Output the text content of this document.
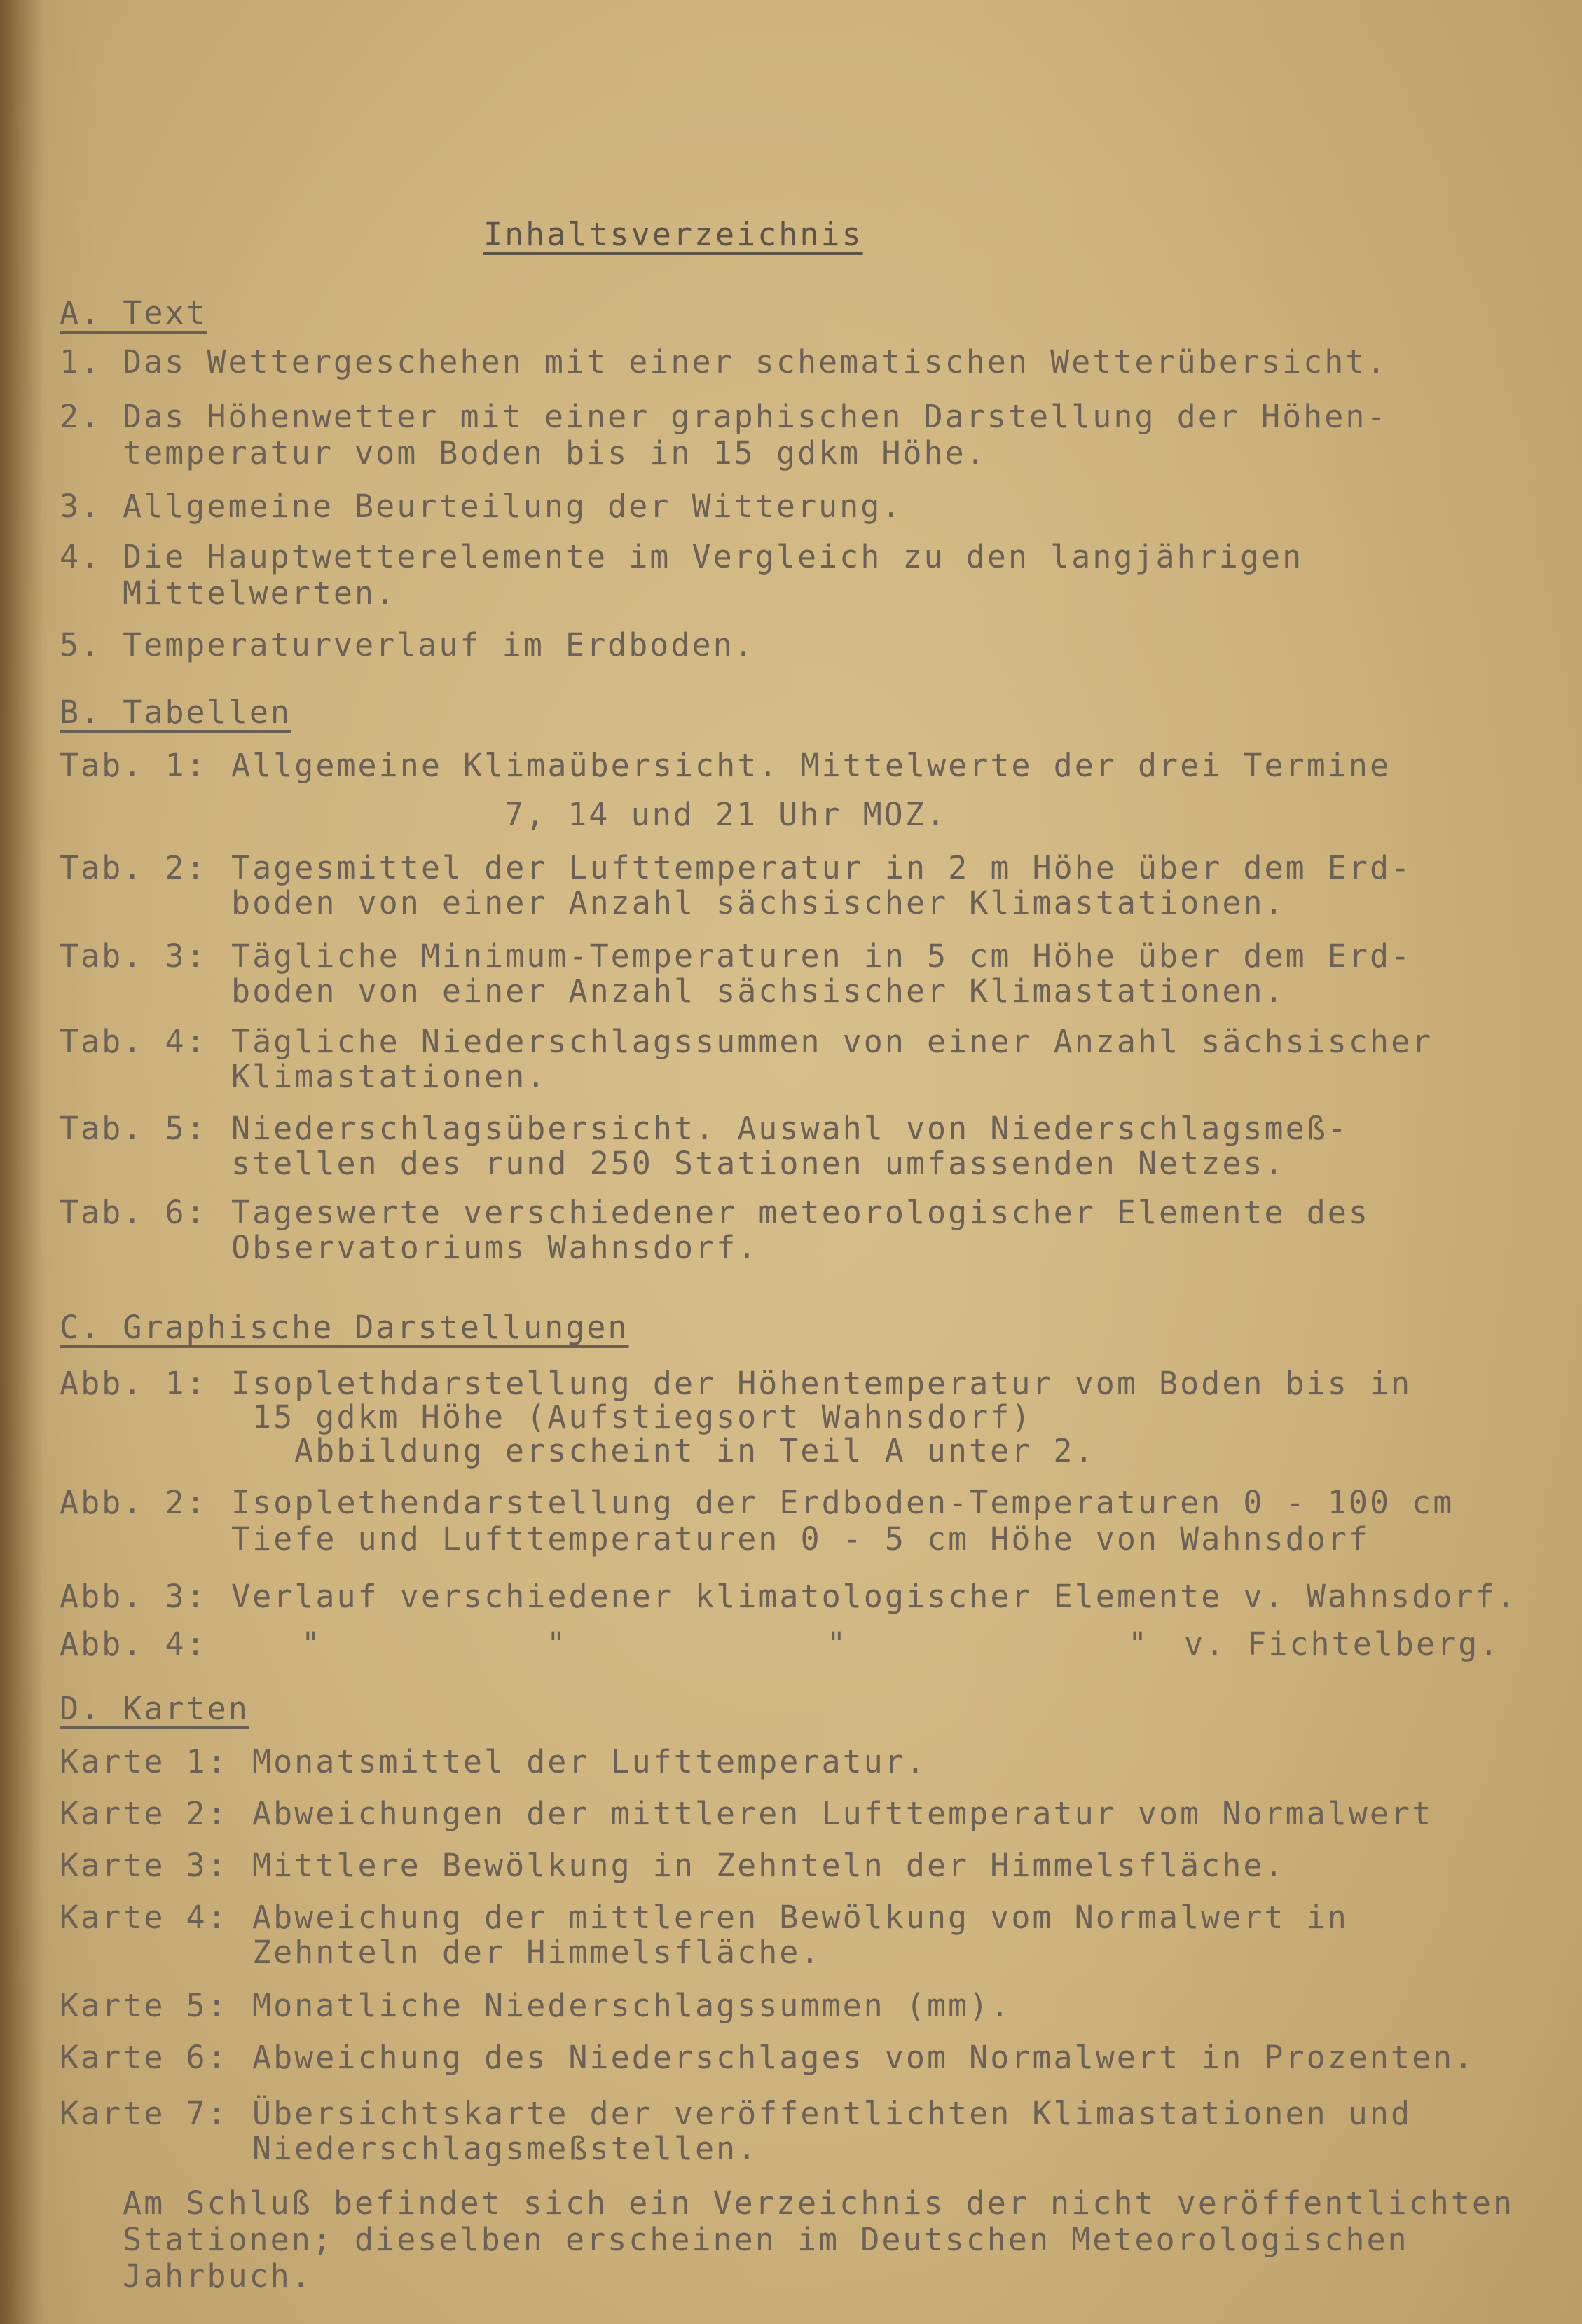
Inhaltsverzeichnis
A. Text
1. Das Wettergeschehen mit einer schematischen Wetterübersicht.
2. Das Höhenwetter mit einer graphischen Darstellung der Höhen-
temperatur vom Boden bis in 15 gdkm Höhe.
3. Allgemeine Beurteilung der Witterung.
4. Die Hauptwetterelemente im Vergleich zu den langjährigen
Mittelwerten.
5. Temperaturverlauf im Erdboden.
B. Tabellen
Tab. 1: Allgemeine Klimaübersicht. Mittelwerte der drei Termine
7, 14 und 21 Uhr MOZ.
Tab. 2: Tagesmittel der Lufttemperatur in 2 m Höhe über dem Erd-
boden von einer Anzahl sächsischer Klimastationen.
Tab. 3: Tägliche Minimum-Temperaturen in 5 cm Höhe über dem Erd-
boden von einer Anzahl sächsischer Klimastationen.
Tab. 4: Tägliche Niederschlagssummen von einer Anzahl sächsischer
Klimastationen.
Tab. 5: Niederschlagsübersicht. Auswahl von Niederschlagsmeß-
stellen des rund 250 Stationen umfassenden Netzes.
Tab. 6: Tageswerte verschiedener meteorologischer Elemente des
Observatoriums Wahnsdorf.
C. Graphische Darstellungen
Abb. 1: Isoplethdarstellung der Höhentemperatur vom Boden bis in
15 gdkm Höhe (Aufstiegsort Wahnsdorf)
Abbildung erscheint in Teil A unter 2.
Abb. 2: Isoplethendarstellung der Erdboden-Temperaturen 0 - 100 cm
Tiefe und Lufttemperaturen 0 - 5 cm Höhe von Wahnsdorf
Abb. 3: Verlauf verschiedener klimatologischer Elemente v. Wahnsdorf.
Abb. 4:	"	"	"	" v. Fichtelberg.
D. Karten
Karte 1: Monatsmittel der Lufttemperatur.
Karte 2: Abweichungen der mittleren Lufttemperatur vom Normalwert
Karte 3: Mittlere Bewölkung in Zehnteln der Himmelsfläche.
Karte 4: Abweichung der mittleren Bewölkung vom Normalwert in
Zehnteln der Himmelsfläche.
Karte 5: Monatliche Niederschlagssummen (mm).
Karte 6: Abweichung des Niederschlages vom Normalwert in Prozenten.
Karte 7: Übersichtskarte der veröffentlichten Klimastationen und
Niederschlagsmeßstellen.
Am Schluß befindet sich ein Verzeichnis der nicht veröffentlichten
Stationen; dieselben erscheinen im Deutschen Meteorologischen
Jahrbuch.
